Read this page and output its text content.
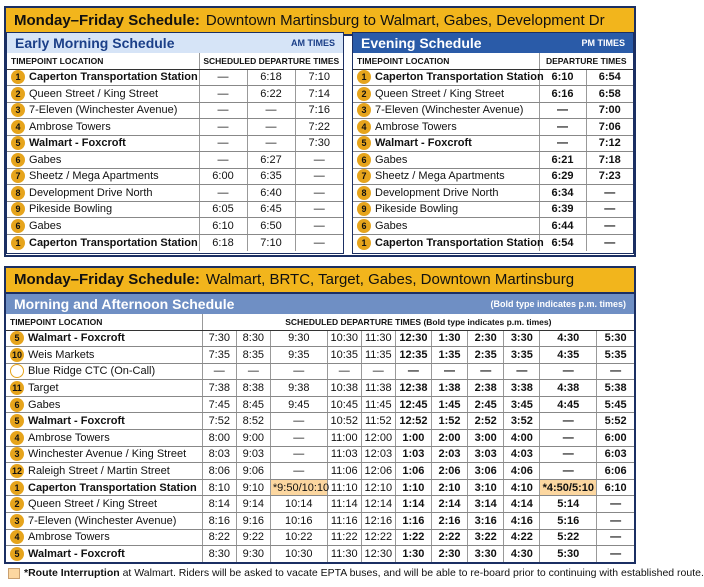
Monday–Friday Schedule: Downtown Martinsburg to Walmart, Gabes, Development Dr
Early Morning Schedule	AM TIMES
TIMEPOINT LOCATION	SCHEDULED DEPARTURE TIMES		
1 Caperton Transportation Station	—	6:18	7:10
2 Queen Street / King Street	—	6:22	7:14
3 7-Eleven (Winchester Avenue)	—	—	7:16
4 Ambrose Towers	—	—	7:22
5 Walmart - Foxcroft	—	—	7:30
6 Gabes	—	6:27	—
7 Sheetz / Mega Apartments	6:00	6:35	—
8 Development Drive North	—	6:40	—
9 Pikeside Bowling	6:05	6:45	—
6 Gabes	6:10	6:50	—
1 Caperton Transportation Station	6:18	7:10	—
Evening Schedule	PM TIMES
TIMEPOINT LOCATION	DEPARTURE TIMES	
1 Caperton Transportation Station	6:10	6:54
2 Queen Street / King Street	6:16	6:58
3 7-Eleven (Winchester Avenue)	—	7:00
4 Ambrose Towers	—	7:06
5 Walmart - Foxcroft	—	7:12
6 Gabes	6:21	7:18
7 Sheetz / Mega Apartments	6:29	7:23
8 Development Drive North	6:34	—
9 Pikeside Bowling	6:39	—
6 Gabes	6:44	—
1 Caperton Transportation Station	6:54	—
Monday–Friday Schedule: Walmart, BRTC, Target, Gabes, Downtown Martinsburg
Morning and Afternoon Schedule	(Bold type indicates p.m. times)
TIMEPOINT LOCATION	SCHEDULED DEPARTURE TIMES (Bold type indicates p.m. times)										
5 Walmart - Foxcroft	7:30	8:30	9:30	10:30	11:30	12:30	1:30	2:30	3:30	4:30	5:30
10 Weis Markets	7:35	8:35	9:35	10:35	11:35	12:35	1:35	2:35	3:35	4:35	5:35
Blue Ridge CTC (On-Call)	—	—	—	—	—	—	—	—	—	—	—
11 Target	7:38	8:38	9:38	10:38	11:38	12:38	1:38	2:38	3:38	4:38	5:38
6 Gabes	7:45	8:45	9:45	10:45	11:45	12:45	1:45	2:45	3:45	4:45	5:45
5 Walmart - Foxcroft	7:52	8:52	—	10:52	11:52	12:52	1:52	2:52	3:52	—	5:52
4 Ambrose Towers	8:00	9:00	—	11:00	12:00	1:00	2:00	3:00	4:00	—	6:00
3 Winchester Avenue / King Street	8:03	9:03	—	11:03	12:03	1:03	2:03	3:03	4:03	—	6:03
12 Raleigh Street / Martin Street	8:06	9:06	—	11:06	12:06	1:06	2:06	3:06	4:06	—	6:06
1 Caperton Transportation Station	8:10	9:10	*9:50/10:10	11:10	12:10	1:10	2:10	3:10	4:10	*4:50/5:10	6:10
2 Queen Street / King Street	8:14	9:14	10:14	11:14	12:14	1:14	2:14	3:14	4:14	5:14	—
3 7-Eleven (Winchester Avenue)	8:16	9:16	10:16	11:16	12:16	1:16	2:16	3:16	4:16	5:16	—
4 Ambrose Towers	8:22	9:22	10:22	11:22	12:22	1:22	2:22	3:22	4:22	5:22	—
5 Walmart - Foxcroft	8:30	9:30	10:30	11:30	12:30	1:30	2:30	3:30	4:30	5:30	—
*Route Interruption at Walmart. Riders will be asked to vacate EPTA buses, and will be able to re-board prior to continuing with established route.
